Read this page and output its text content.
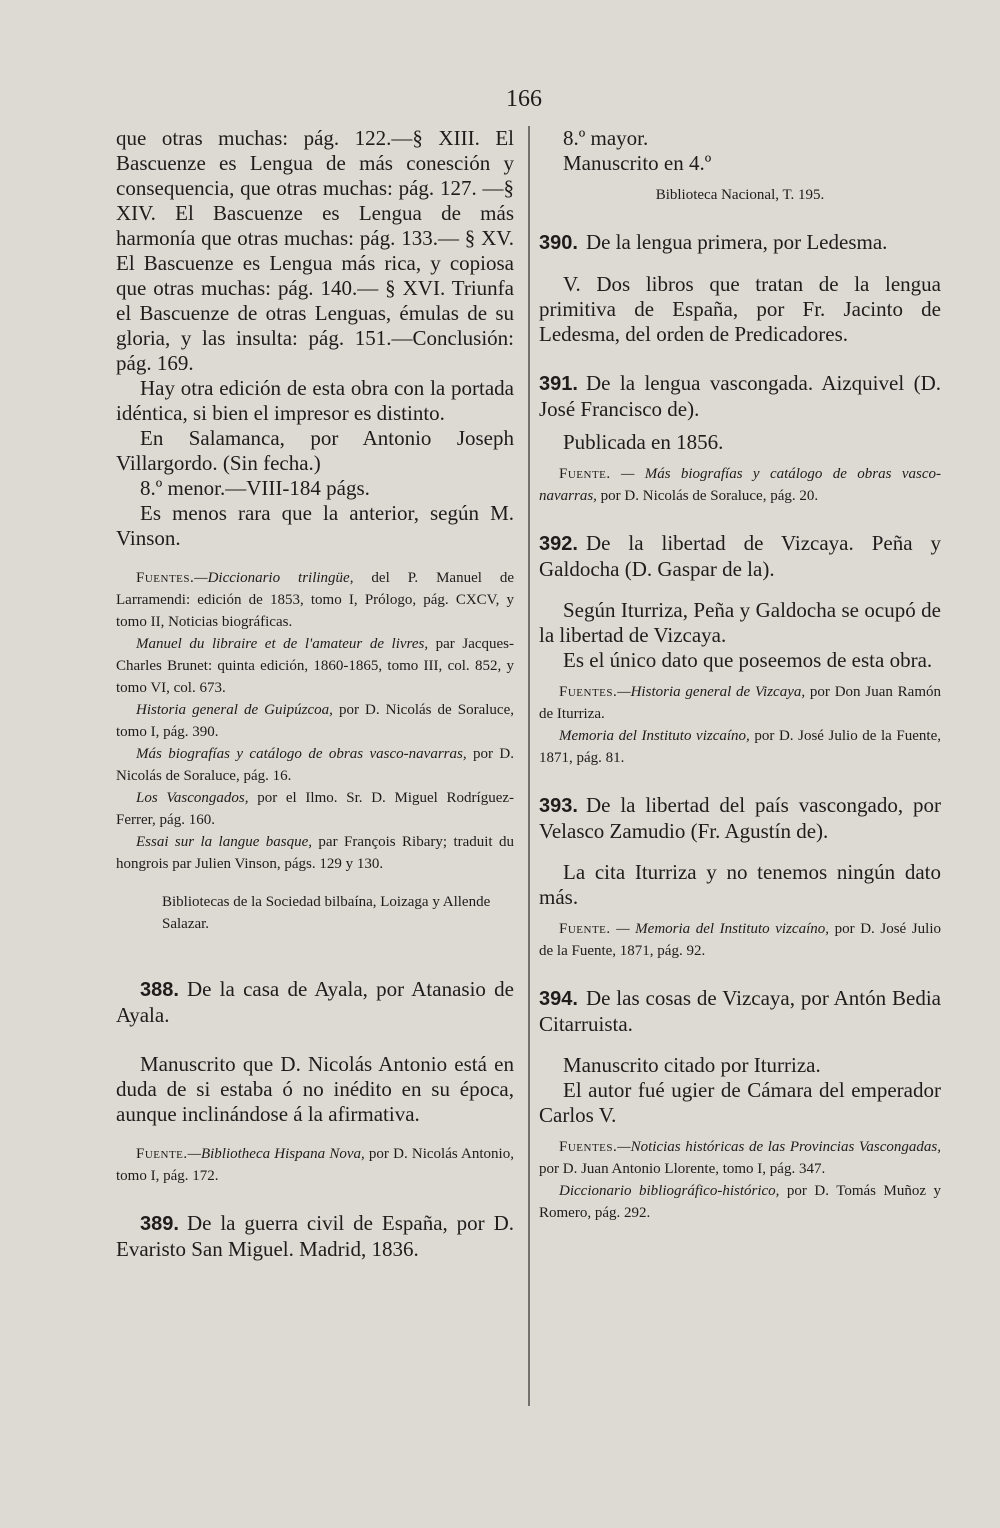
166

que otras muchas: pág. 122.—§ XIII. El Bascuenze es Lengua de más conesción y consequencia, que otras muchas: pág. 127. —§ XIV. El Bascuenze es Lengua de más harmonía que otras muchas: pág. 133.— § XV. El Bascuenze es Lengua más rica, y copiosa que otras muchas: pág. 140.— § XVI. Triunfa el Bascuenze de otras Lenguas, émulas de su gloria, y las insulta: pág. 151.—Conclusión: pág. 169.

Hay otra edición de esta obra con la portada idéntica, si bien el impresor es distinto.

En Salamanca, por Antonio Joseph Villargordo. (Sin fecha.)

8.º menor.—VIII-184 págs.

Es menos rara que la anterior, según M. Vinson.

Fuentes.—Diccionario trilingüe, del P. Manuel de Larramendi: edición de 1853, tomo I, Prólogo, pág. CXCV, y tomo II, Noticias biográficas.

Manuel du libraire et de l'amateur de livres, par Jacques-Charles Brunet: quinta edición, 1860-1865, tomo III, col. 852, y tomo VI, col. 673.

Historia general de Guipúzcoa, por D. Nicolás de Soraluce, tomo I, pág. 390.

Más biografías y catálogo de obras vasco-navarras, por D. Nicolás de Soraluce, pág. 16.

Los Vascongados, por el Ilmo. Sr. D. Miguel Rodríguez-Ferrer, pág. 160.

Essai sur la langue basque, par François Ribary; traduit du hongrois par Julien Vinson, págs. 129 y 130.

Bibliotecas de la Sociedad bilbaína, Loizaga y Allende Salazar.

388. De la casa de Ayala, por Atanasio de Ayala.

Manuscrito que D. Nicolás Antonio está en duda de si estaba ó no inédito en su época, aunque inclinándose á la afirmativa.

Fuente.—Bibliotheca Hispana Nova, por D. Nicolás Antonio, tomo I, pág. 172.

389. De la guerra civil de España, por D. Evaristo San Miguel. Madrid, 1836.

8.º mayor.

Manuscrito en 4.º

Biblioteca Nacional, T. 195.

390. De la lengua primera, por Ledesma.

V. Dos libros que tratan de la lengua primitiva de España, por Fr. Jacinto de Ledesma, del orden de Predicadores.

391. De la lengua vascongada. Aizquivel (D. José Francisco de).

Publicada en 1856.

Fuente. — Más biografías y catálogo de obras vasco-navarras, por D. Nicolás de Soraluce, pág. 20.

392. De la libertad de Vizcaya. Peña y Galdocha (D. Gaspar de la).

Según Iturriza, Peña y Galdocha se ocupó de la libertad de Vizcaya.

Es el único dato que poseemos de esta obra.

Fuentes.—Historia general de Vizcaya, por Don Juan Ramón de Iturriza.

Memoria del Instituto vizcaíno, por D. José Julio de la Fuente, 1871, pág. 81.

393. De la libertad del país vascongado, por Velasco Zamudio (Fr. Agustín de).

La cita Iturriza y no tenemos ningún dato más.

Fuente. — Memoria del Instituto vizcaíno, por D. José Julio de la Fuente, 1871, pág. 92.

394. De las cosas de Vizcaya, por Antón Bedia Citarruista.

Manuscrito citado por Iturriza.

El autor fué ugier de Cámara del emperador Carlos V.

Fuentes.—Noticias históricas de las Provincias Vascongadas, por D. Juan Antonio Llorente, tomo I, pág. 347.

Diccionario bibliográfico-histórico, por D. Tomás Muñoz y Romero, pág. 292.
